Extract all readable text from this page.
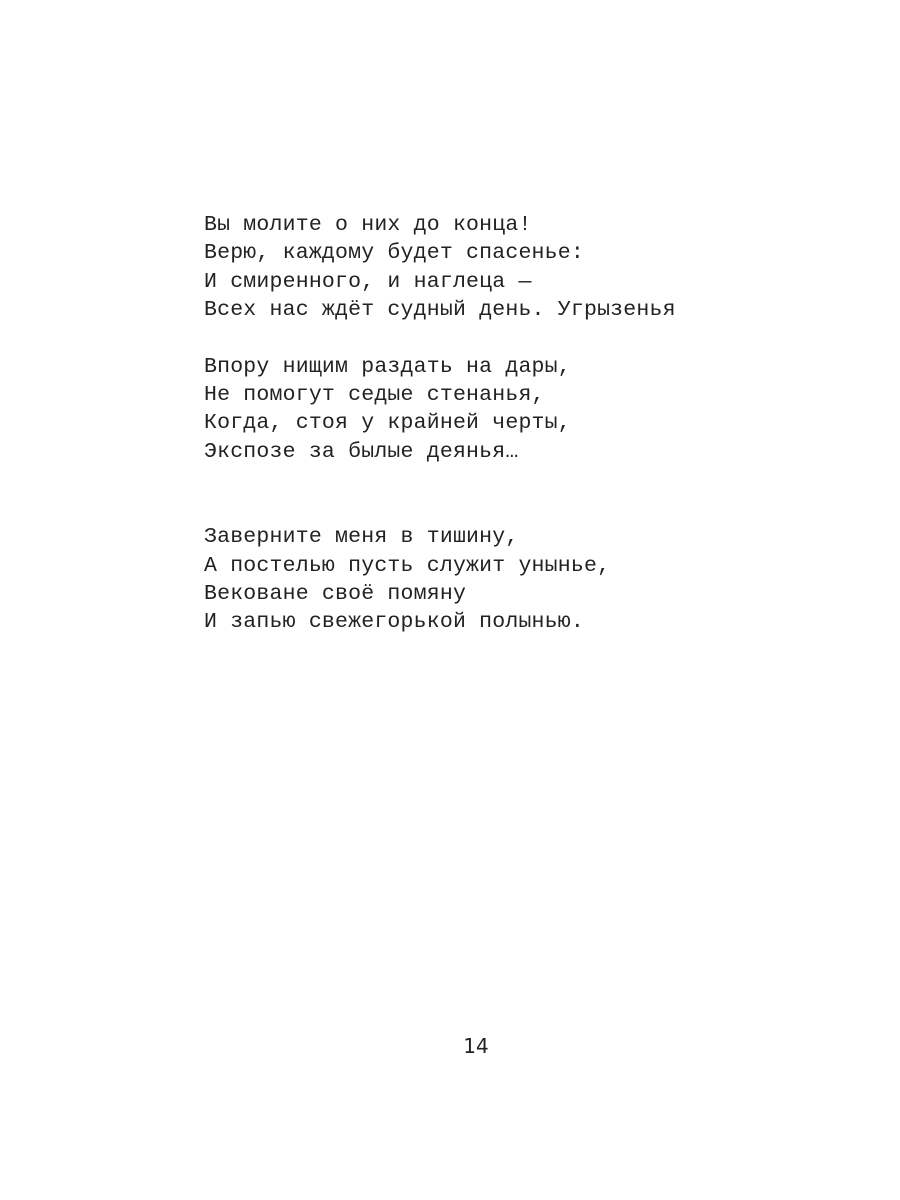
Вы молите о них до конца!
Верю, каждому будет спасенье:
И смиренного, и наглеца —
Всех нас ждёт судный день. Угрызенья
Впору нищим раздать на дары,
Не помогут седые стенанья,
Когда, стоя у крайней черты,
Экспозе за былые деянья…
Заверните меня в тишину,
А постелью пусть служит уныньe,
Вековане своё помяну
И запью свежегорькой полынью.
14
